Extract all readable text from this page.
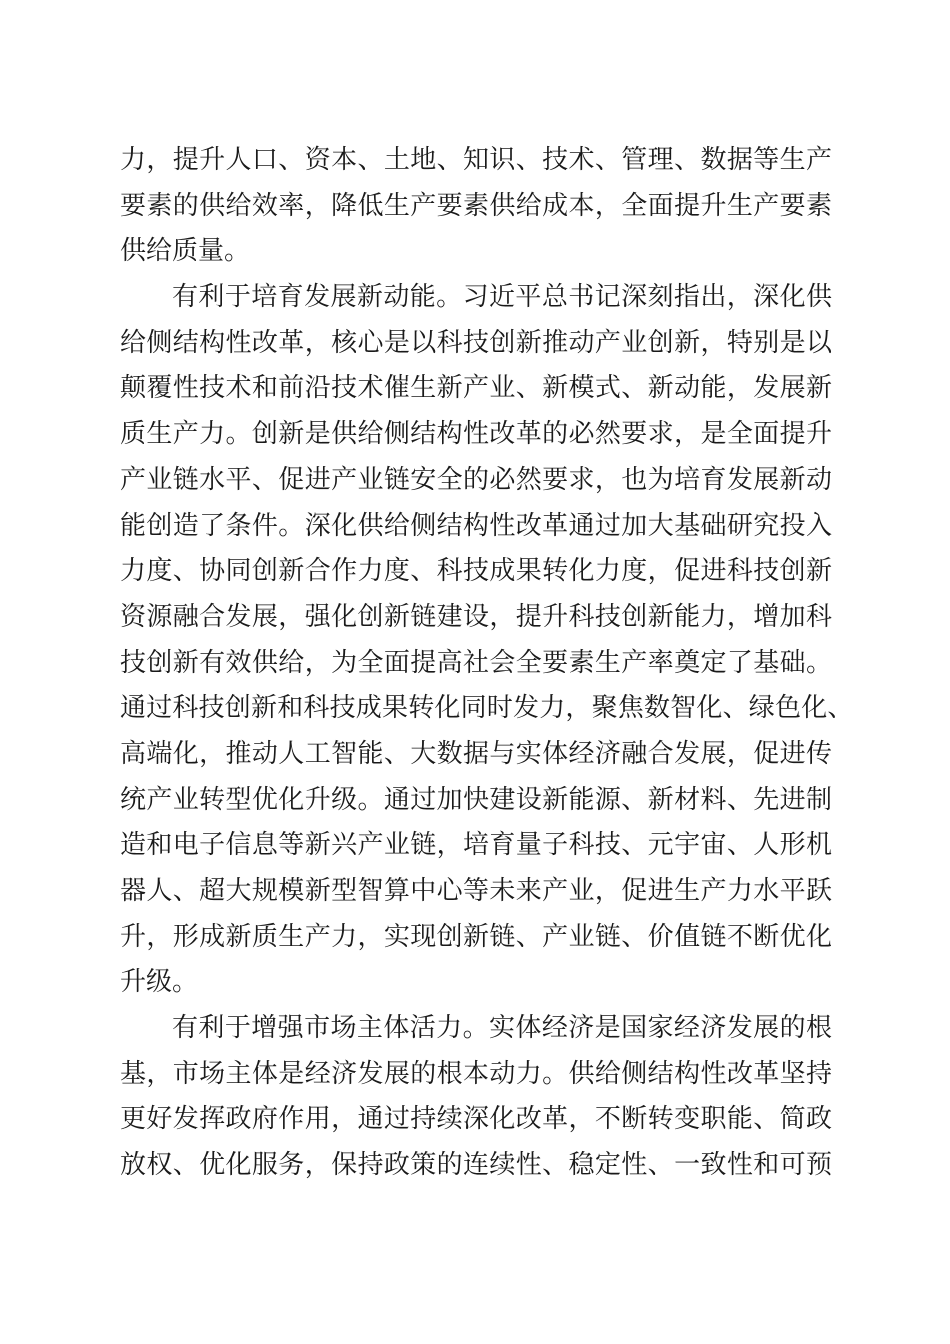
力，提升人口、资本、土地、知识、技术、管理、数据等生产
要素的供给效率，降低生产要素供给成本，全面提升生产要素
供给质量。
有利于培育发展新动能。习近平总书记深刻指出，深化供
给侧结构性改革，核心是以科技创新推动产业创新，特别是以
颠覆性技术和前沿技术催生新产业、新模式、新动能，发展新
质生产力。创新是供给侧结构性改革的必然要求，是全面提升
产业链水平、促进产业链安全的必然要求，也为培育发展新动
能创造了条件。深化供给侧结构性改革通过加大基础研究投入
力度、协同创新合作力度、科技成果转化力度，促进科技创新
资源融合发展，强化创新链建设，提升科技创新能力，增加科
技创新有效供给，为全面提高社会全要素生产率奠定了基础。
通过科技创新和科技成果转化同时发力，聚焦数智化、绿色化、
高端化，推动人工智能、大数据与实体经济融合发展，促进传
统产业转型优化升级。通过加快建设新能源、新材料、先进制
造和电子信息等新兴产业链，培育量子科技、元宇宙、人形机
器人、超大规模新型智算中心等未来产业，促进生产力水平跃
升，形成新质生产力，实现创新链、产业链、价值链不断优化
升级。
有利于增强市场主体活力。实体经济是国家经济发展的根
基，市场主体是经济发展的根本动力。供给侧结构性改革坚持
更好发挥政府作用，通过持续深化改革，不断转变职能、简政
放权、优化服务，保持政策的连续性、稳定性、一致性和可预
